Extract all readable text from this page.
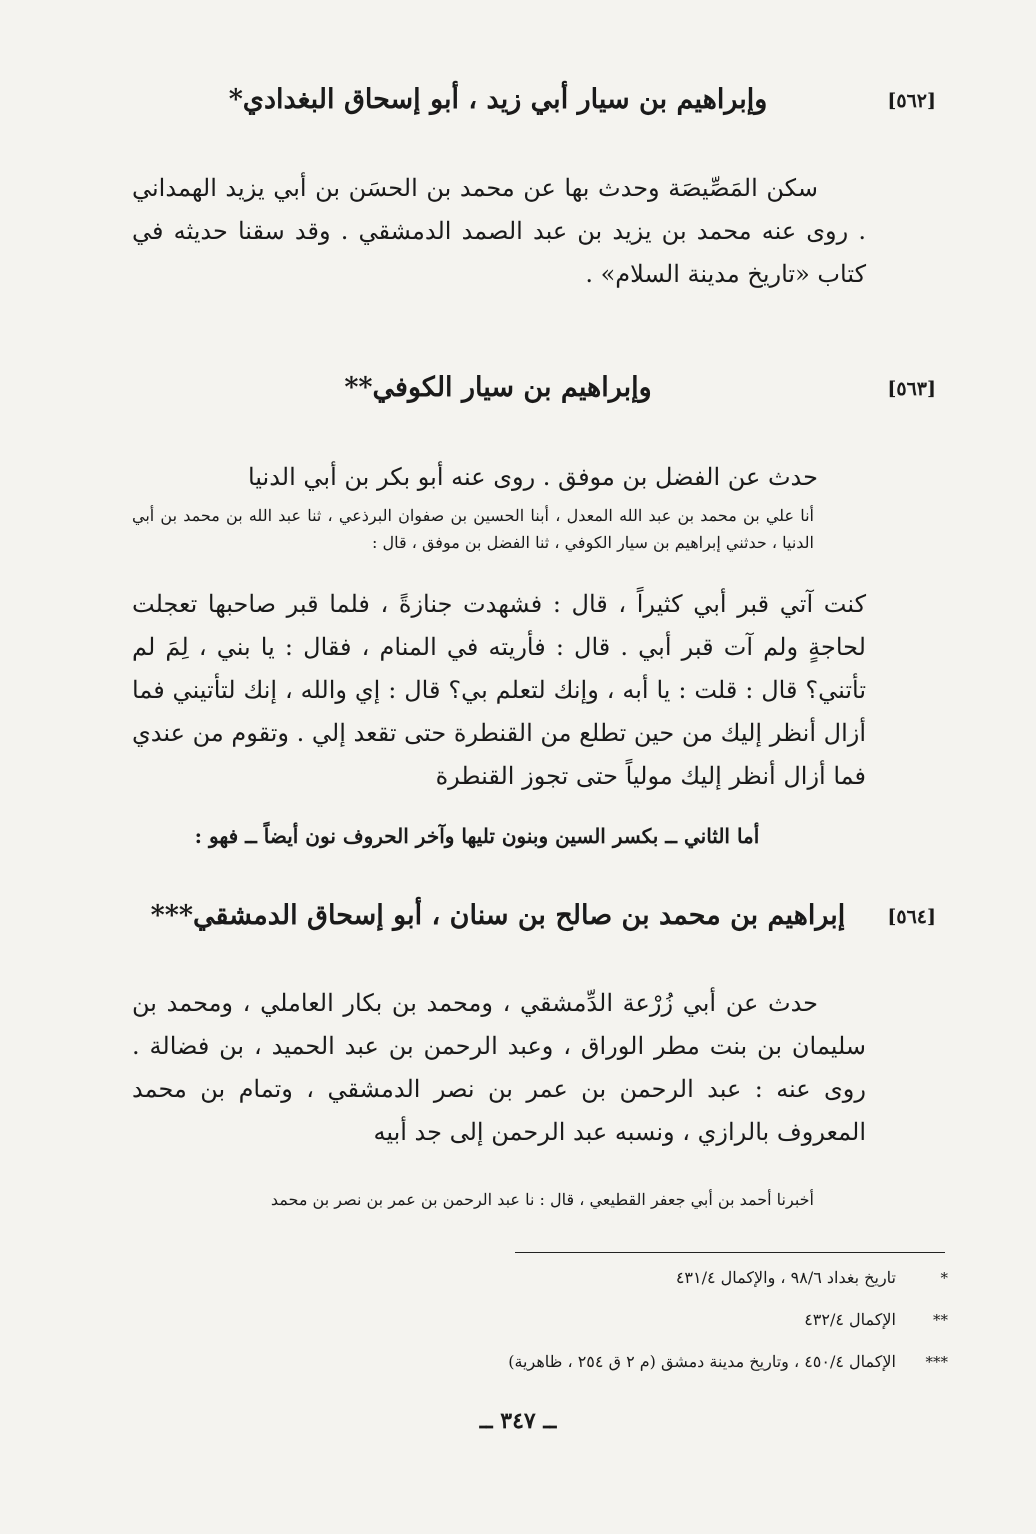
[٥٦٢]
وإبراهيم بن سيار أبي زيد ، أبو إسحاق البغدادي*

سكن المَصِّيصَة وحدث بها عن محمد بن الحسَن بن أبي يزيد الهمداني . روى عنه محمد بن يزيد بن عبد الصمد الدمشقي . وقد سقنا حديثه في كتاب «تاريخ مدينة السلام» .

[٥٦٣]
وإبراهيم بن سيار الكوفي**

حدث عن الفضل بن موفق . روى عنه أبو بكر بن أبي الدنيا

أنا علي بن محمد بن عبد الله المعدل ، أبنا الحسين بن صفوان البرذعي ، ثنا عبد الله بن محمد بن أبي الدنيا ، حدثني إبراهيم بن سيار الكوفي ، ثنا الفضل بن موفق ، قال :

كنت آتي قبر أبي كثيراً ، قال : فشهدت جنازةً ، فلما قبر صاحبها تعجلت لحاجةٍ ولم آت قبر أبي . قال : فأريته في المنام ، فقال : يا بني ، لِمَ لم تأتني؟ قال : قلت : يا أبه ، وإنك لتعلم بي؟ قال : إي والله ، إنك لتأتيني فما أزال أنظر إليك من حين تطلع من القنطرة حتى تقعد إلي . وتقوم من عندي فما أزال أنظر إليك مولياً حتى تجوز القنطرة

أما الثاني ــ بكسر السين وبنون تليها وآخر الحروف نون أيضاً ــ فهو :
[٥٦٤]
إبراهيم بن محمد بن صالح بن سنان ، أبو إسحاق الدمشقي***

حدث عن أبي زُرْعة الدِّمشقي ، ومحمد بن بكار العاملي ، ومحمد بن سليمان بن بنت مطر الوراق ، وعبد الرحمن بن عبد الحميد ، بن فضالة . روى عنه : عبد الرحمن بن عمر بن نصر الدمشقي ، وتمام بن محمد المعروف بالرازي ، ونسبه عبد الرحمن إلى جد أبيه

أخبرنا أحمد بن أبي جعفر القطيعي ، قال : نا عبد الرحمن بن عمر بن نصر بن محمد

*
تاريخ بغداد ٩٨/٦ ، والإكمال ٤٣١/٤
**
الإكمال ٤٣٢/٤
***
الإكمال ٤٥٠/٤ ، وتاريخ مدينة دمشق (م ٢ ق ٢٥٤ ، ظاهرية)
ــ ٣٤٧ ــ
